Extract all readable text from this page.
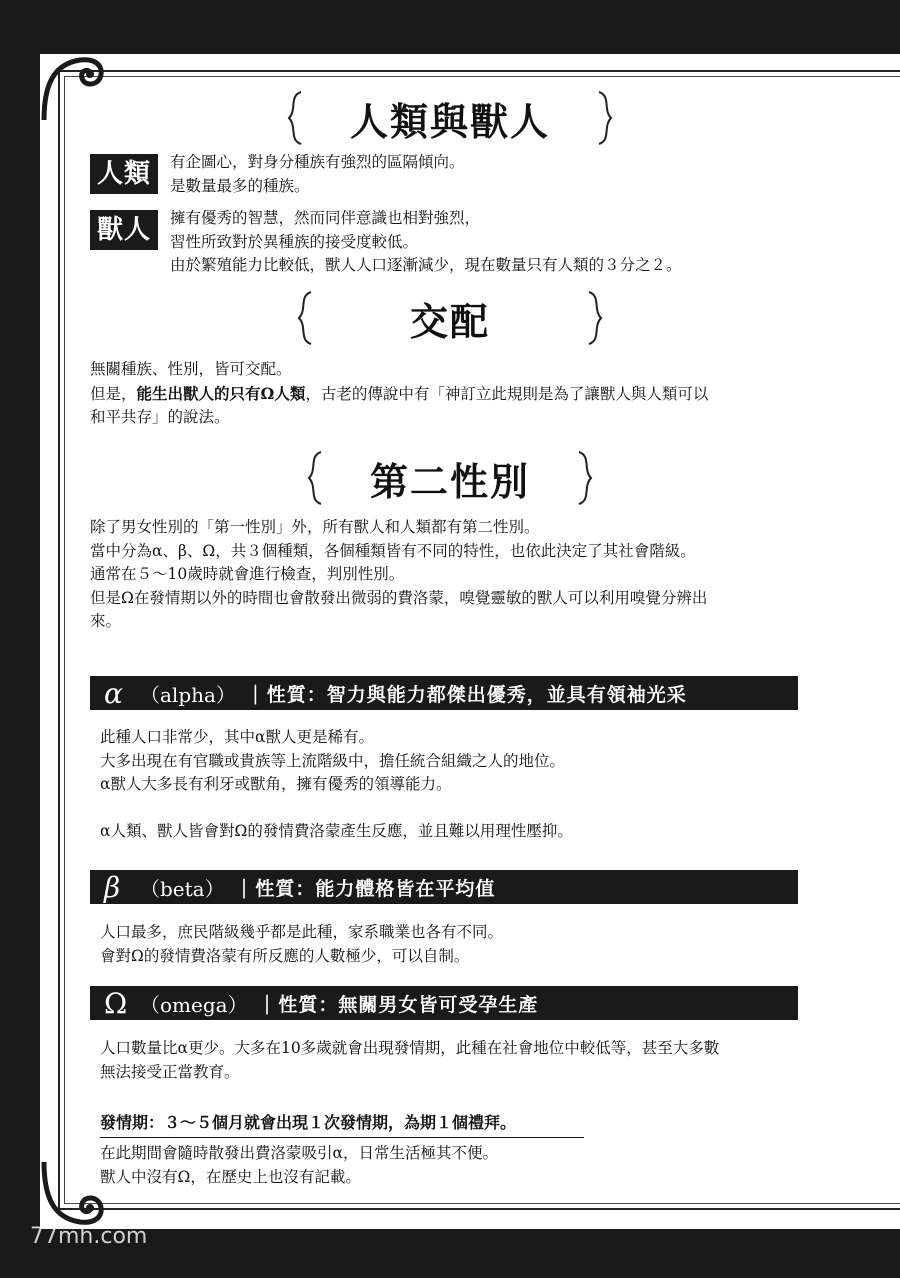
人類與獸人
人類	有企圖心，對身分種族有強烈的區隔傾向。
是數量最多的種族。
獸人	擁有優秀的智慧，然而同伴意識也相對強烈，
習性所致對於異種族的接受度較低。
由於繁殖能力比較低，獸人人口逐漸減少，現在數量只有人類的３分之２。
交配
無關種族、性別，皆可交配。
但是，能生出獸人的只有Ω人類，古老的傳說中有「神訂立此規則是為了讓獸人與人類可以
和平共存」的說法。
第二性別
除了男女性別的「第一性別」外，所有獸人和人類都有第二性別。
當中分為α、β、Ω，共３個種類，各個種類皆有不同的特性，也依此決定了其社會階級。
通常在５～10歲時就會進行檢查，判別性別。
但是Ω在發情期以外的時間也會散發出微弱的費洛蒙，嗅覺靈敏的獸人可以利用嗅覺分辨出
來。
α （alpha） | 性質：智力與能力都傑出優秀，並具有領袖光采
此種人口非常少，其中α獸人更是稀有。
大多出現在有官職或貴族等上流階級中，擔任統合組織之人的地位。
α獸人大多長有利牙或獸角，擁有優秀的領導能力。

α人類、獸人皆會對Ω的發情費洛蒙產生反應，並且難以用理性壓抑。
β （beta） | 性質：能力體格皆在平均值
人口最多，庶民階級幾乎都是此種，家系職業也各有不同。
會對Ω的發情費洛蒙有所反應的人數極少，可以自制。
Ω （omega） | 性質：無關男女皆可受孕生產
人口數量比α更少。大多在10多歲就會出現發情期，此種在社會地位中較低等，甚至大多數
無法接受正當教育。
發情期：３～５個月就會出現１次發情期，為期１個禮拜。
在此期間會隨時散發出費洛蒙吸引α，日常生活極其不便。
獸人中沒有Ω，在歷史上也沒有記載。
77mh.com
